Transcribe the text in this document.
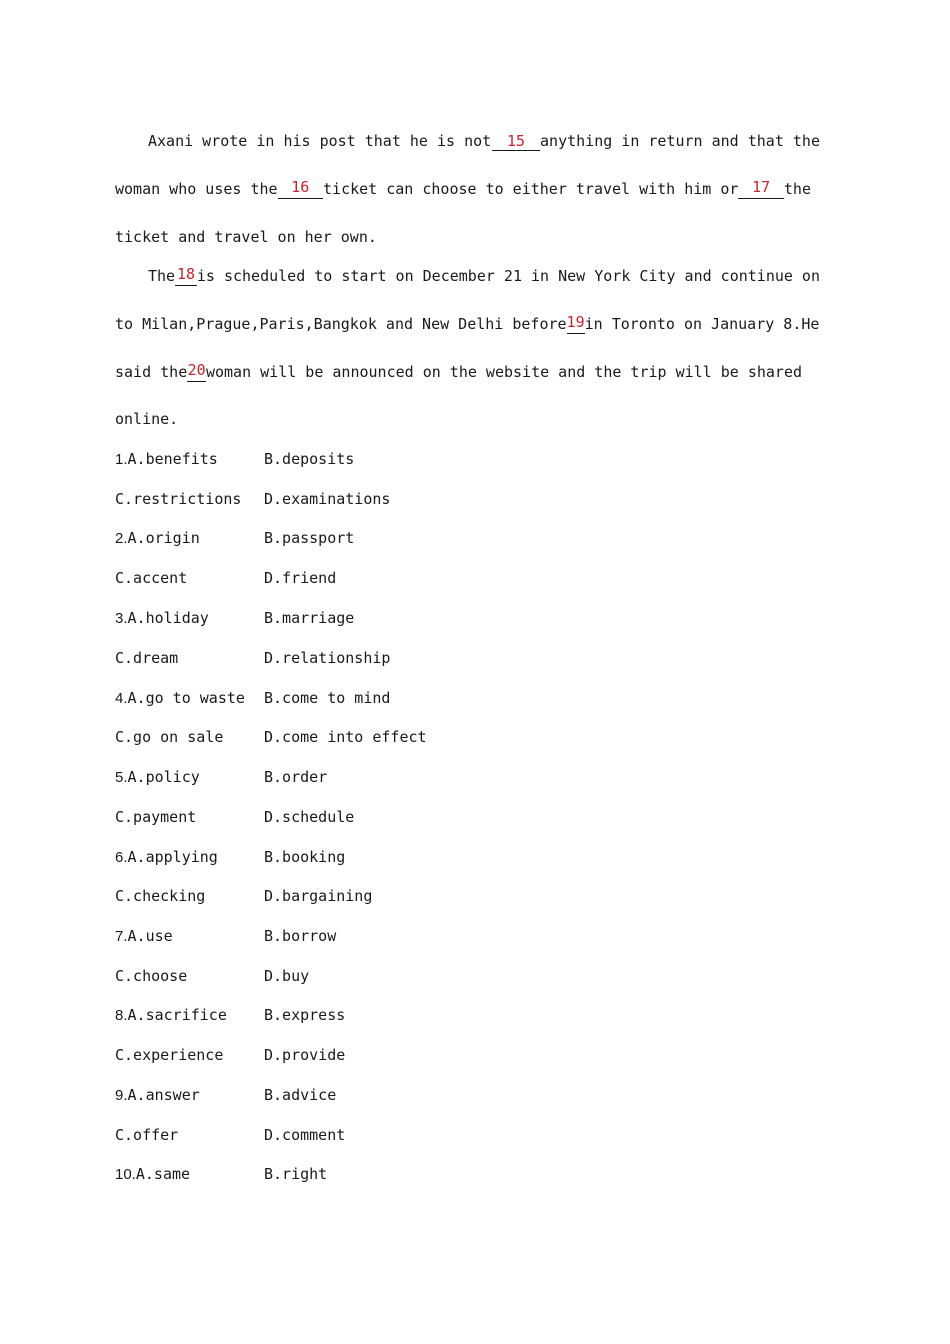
Axani wrote in his post that he is not	15 anything in return and that the
woman who uses the 16 ticket can choose to either travel with him or 17 the
ticket and travel on her own.
The 18 is scheduled to start on December 21 in New York City and continue on
to Milan,Prague,Paris,Bangkok and New Delhi before 19 in Toronto on January 8.He
said the 20 woman will be announced on the website and the trip will be shared
online.
1.A.benefits	B.deposits
C.restrictions D.examinations
2.A.origin	B.passport
C.accent	D.friend
3.A.holiday	B.marriage
C.dream	D.relationship
4.A.go to waste B.come to mind
C.go on sale	D.come into effect
5.A.policy	B.order
C.payment	D.schedule
6.A.applying	B.booking
C.checking	D.bargaining
7.A.use	B.borrow
C.choose	D.buy
8.A.sacrifice B.express
C.experience	D.provide
9.A.answer	B.advice
C.offer	D.comment
10.A.same	B.right
